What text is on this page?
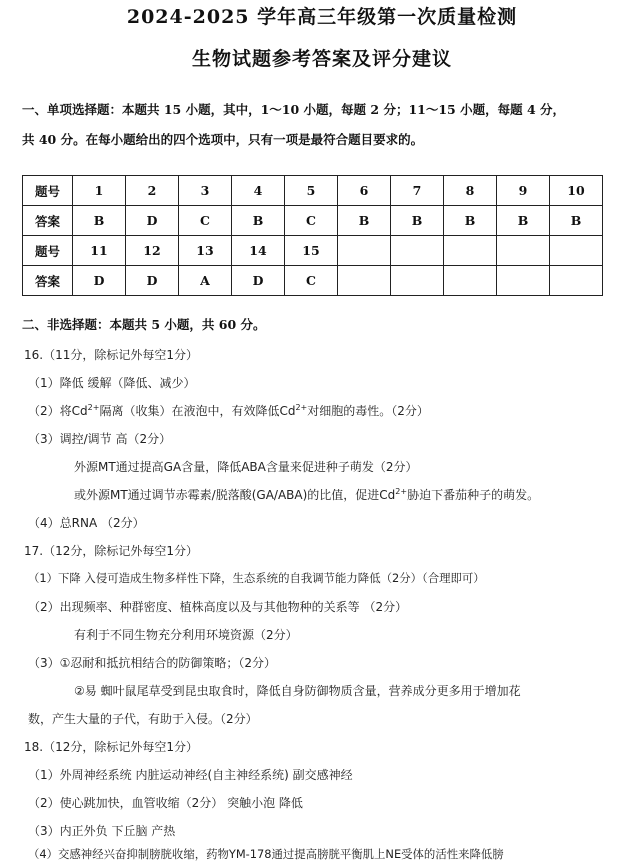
2024-2025 学年高三年级第一次质量检测
生物试题参考答案及评分建议
一、单项选择题：本题共 15 小题，其中，1～10 小题，每题 2 分；11～15 小题，每题 4 分，
共 40 分。在每小题给出的四个选项中，只有一项是最符合题目要求的。
题号	1	2	3	4	5	6	7	8	9	10
答案	B	D	C	B	C	B	B	B	B	B
题号	11	12	13	14	15					
答案	D	D	A	D	C					
二、非选择题：本题共 5 小题，共 60 分。
16.（11分，除标记外每空1分）
（1）降低 缓解（降低、减少）
（2）将$Cd^{2+}$隔离（收集）在液泡中，有效降低$Cd^{2+}$对细胞的毒性。（2分）
（3）调控/调节 高（2分）
外源MT通过提高GA含量，降低ABA含量来促进种子萌发（2分）
或外源MT通过调节赤霉素/脱落酸(GA/ABA)的比值，促进$Cd^{2+}$胁迫下番茄种子的萌发。
（4）总RNA （2分）
17.（12分，除标记外每空1分）
（1）下降 入侵可造成生物多样性下降，生态系统的自我调节能力降低（2分）（合理即可）
（2）出现频率、种群密度、植株高度以及与其他物种的关系等 （2分）
有利于不同生物充分利用环境资源（2分）
（3）①忍耐和抵抗相结合的防御策略；（2分）
②易 蜘叶鼠尾草受到昆虫取食时，降低自身防御物质含量，营养成分更多用于增加花
数，产生大量的子代，有助于入侵。（2分）
18.（12分，除标记外每空1分）
（1）外周神经系统 内脏运动神经(自主神经系统) 副交感神经
（2）使心跳加快，血管收缩（2分） 突触小泡 降低
（3）内正外负 下丘脑 产热
（4）交感神经兴奋抑制膀胱收缩，药物YM-178通过提高膀胱平衡肌上NE受体的活性来降低膀
